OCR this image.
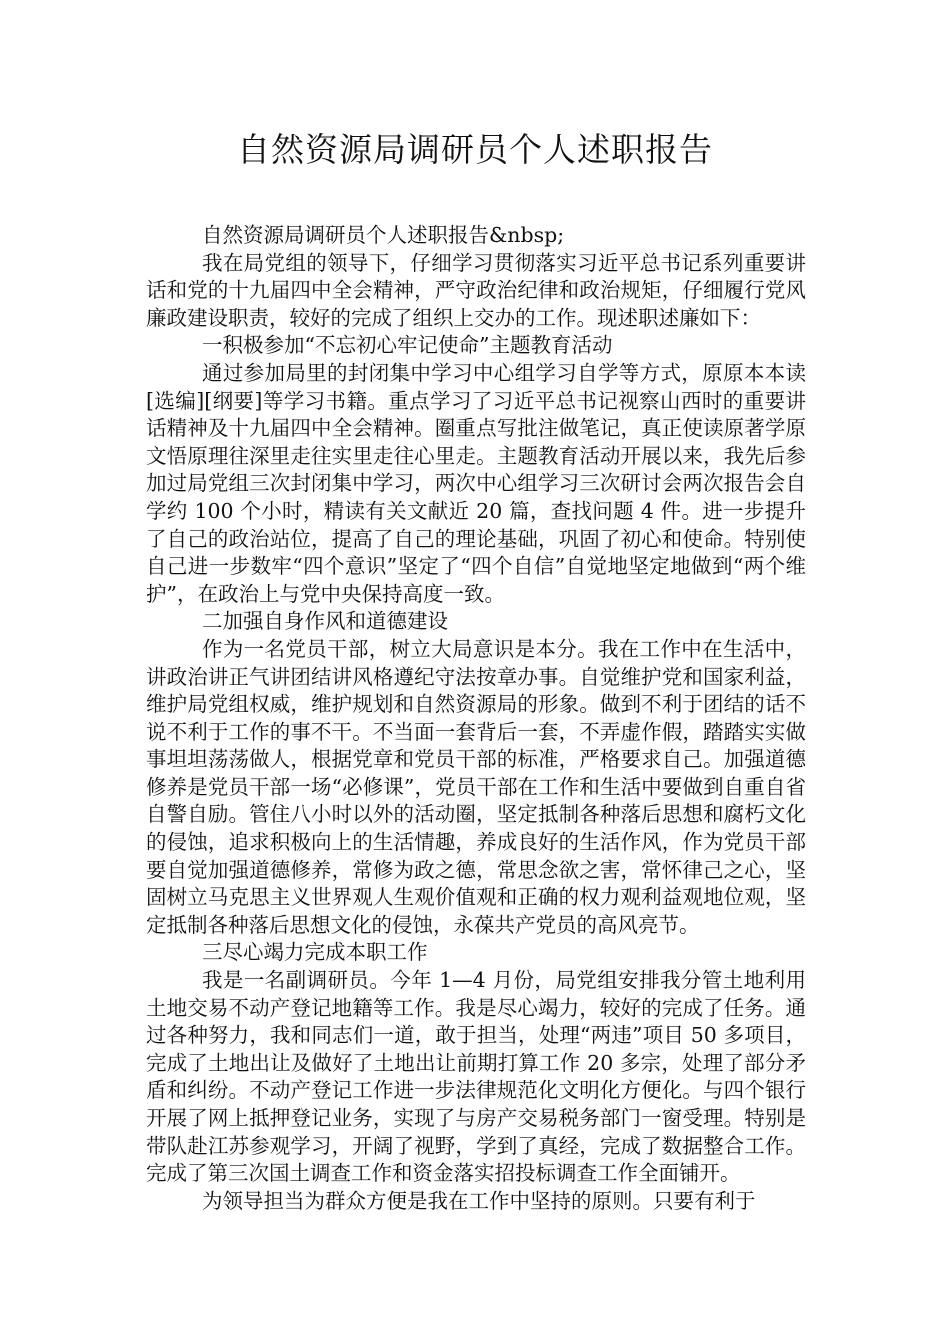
自然资源局调研员个人述职报告

自然资源局调研员个人述职报告&nbsp;

我在局党组的领导下，仔细学习贯彻落实习近平总书记系列重要讲话和党的十九届四中全会精神，严守政治纪律和政治规矩，仔细履行党风廉政建设职责，较好的完成了组织上交办的工作。现述职述廉如下：

一积极参加“不忘初心牢记使命”主题教育活动

通过参加局里的封闭集中学习中心组学习自学等方式，原原本本读[选编][纲要]等学习书籍。重点学习了习近平总书记视察山西时的重要讲话精神及十九届四中全会精神。圈重点写批注做笔记，真正使读原著学原文悟原理往深里走往实里走往心里走。主题教育活动开展以来，我先后参加过局党组三次封闭集中学习，两次中心组学习三次研讨会两次报告会自学约 100 个小时，精读有关文献近 20 篇，查找问题 4 件。进一步提升了自己的政治站位，提高了自己的理论基础，巩固了初心和使命。特别使自己进一步数牢“四个意识”坚定了“四个自信”自觉地坚定地做到“两个维护”，在政治上与党中央保持高度一致。

二加强自身作风和道德建设

作为一名党员干部，树立大局意识是本分。我在工作中在生活中，讲政治讲正气讲团结讲风格遵纪守法按章办事。自觉维护党和国家利益，维护局党组权威，维护规划和自然资源局的形象。做到不利于团结的话不说不利于工作的事不干。不当面一套背后一套，不弄虚作假，踏踏实实做事坦坦荡荡做人，根据党章和党员干部的标准，严格要求自己。加强道德修养是党员干部一场“必修课”，党员干部在工作和生活中要做到自重自省自警自励。管住八小时以外的活动圈，坚定抵制各种落后思想和腐朽文化的侵蚀，追求积极向上的生活情趣，养成良好的生活作风，作为党员干部要自觉加强道德修养，常修为政之德，常思念欲之害，常怀律己之心，坚固树立马克思主义世界观人生观价值观和正确的权力观利益观地位观，坚定抵制各种落后思想文化的侵蚀，永葆共产党员的高风亮节。

三尽心竭力完成本职工作

我是一名副调研员。今年 1—4 月份，局党组安排我分管土地利用土地交易不动产登记地籍等工作。我是尽心竭力，较好的完成了任务。通过各种努力，我和同志们一道，敢于担当，处理“两违”项目 50 多项目，完成了土地出让及做好了土地出让前期打算工作 20 多宗，处理了部分矛盾和纠纷。不动产登记工作进一步法律规范化文明化方便化。与四个银行开展了网上抵押登记业务，实现了与房产交易税务部门一窗受理。特别是带队赴江苏参观学习，开阔了视野，学到了真经，完成了数据整合工作。完成了第三次国土调查工作和资金落实招投标调查工作全面铺开。

为领导担当为群众方便是我在工作中坚持的原则。只要有利于
